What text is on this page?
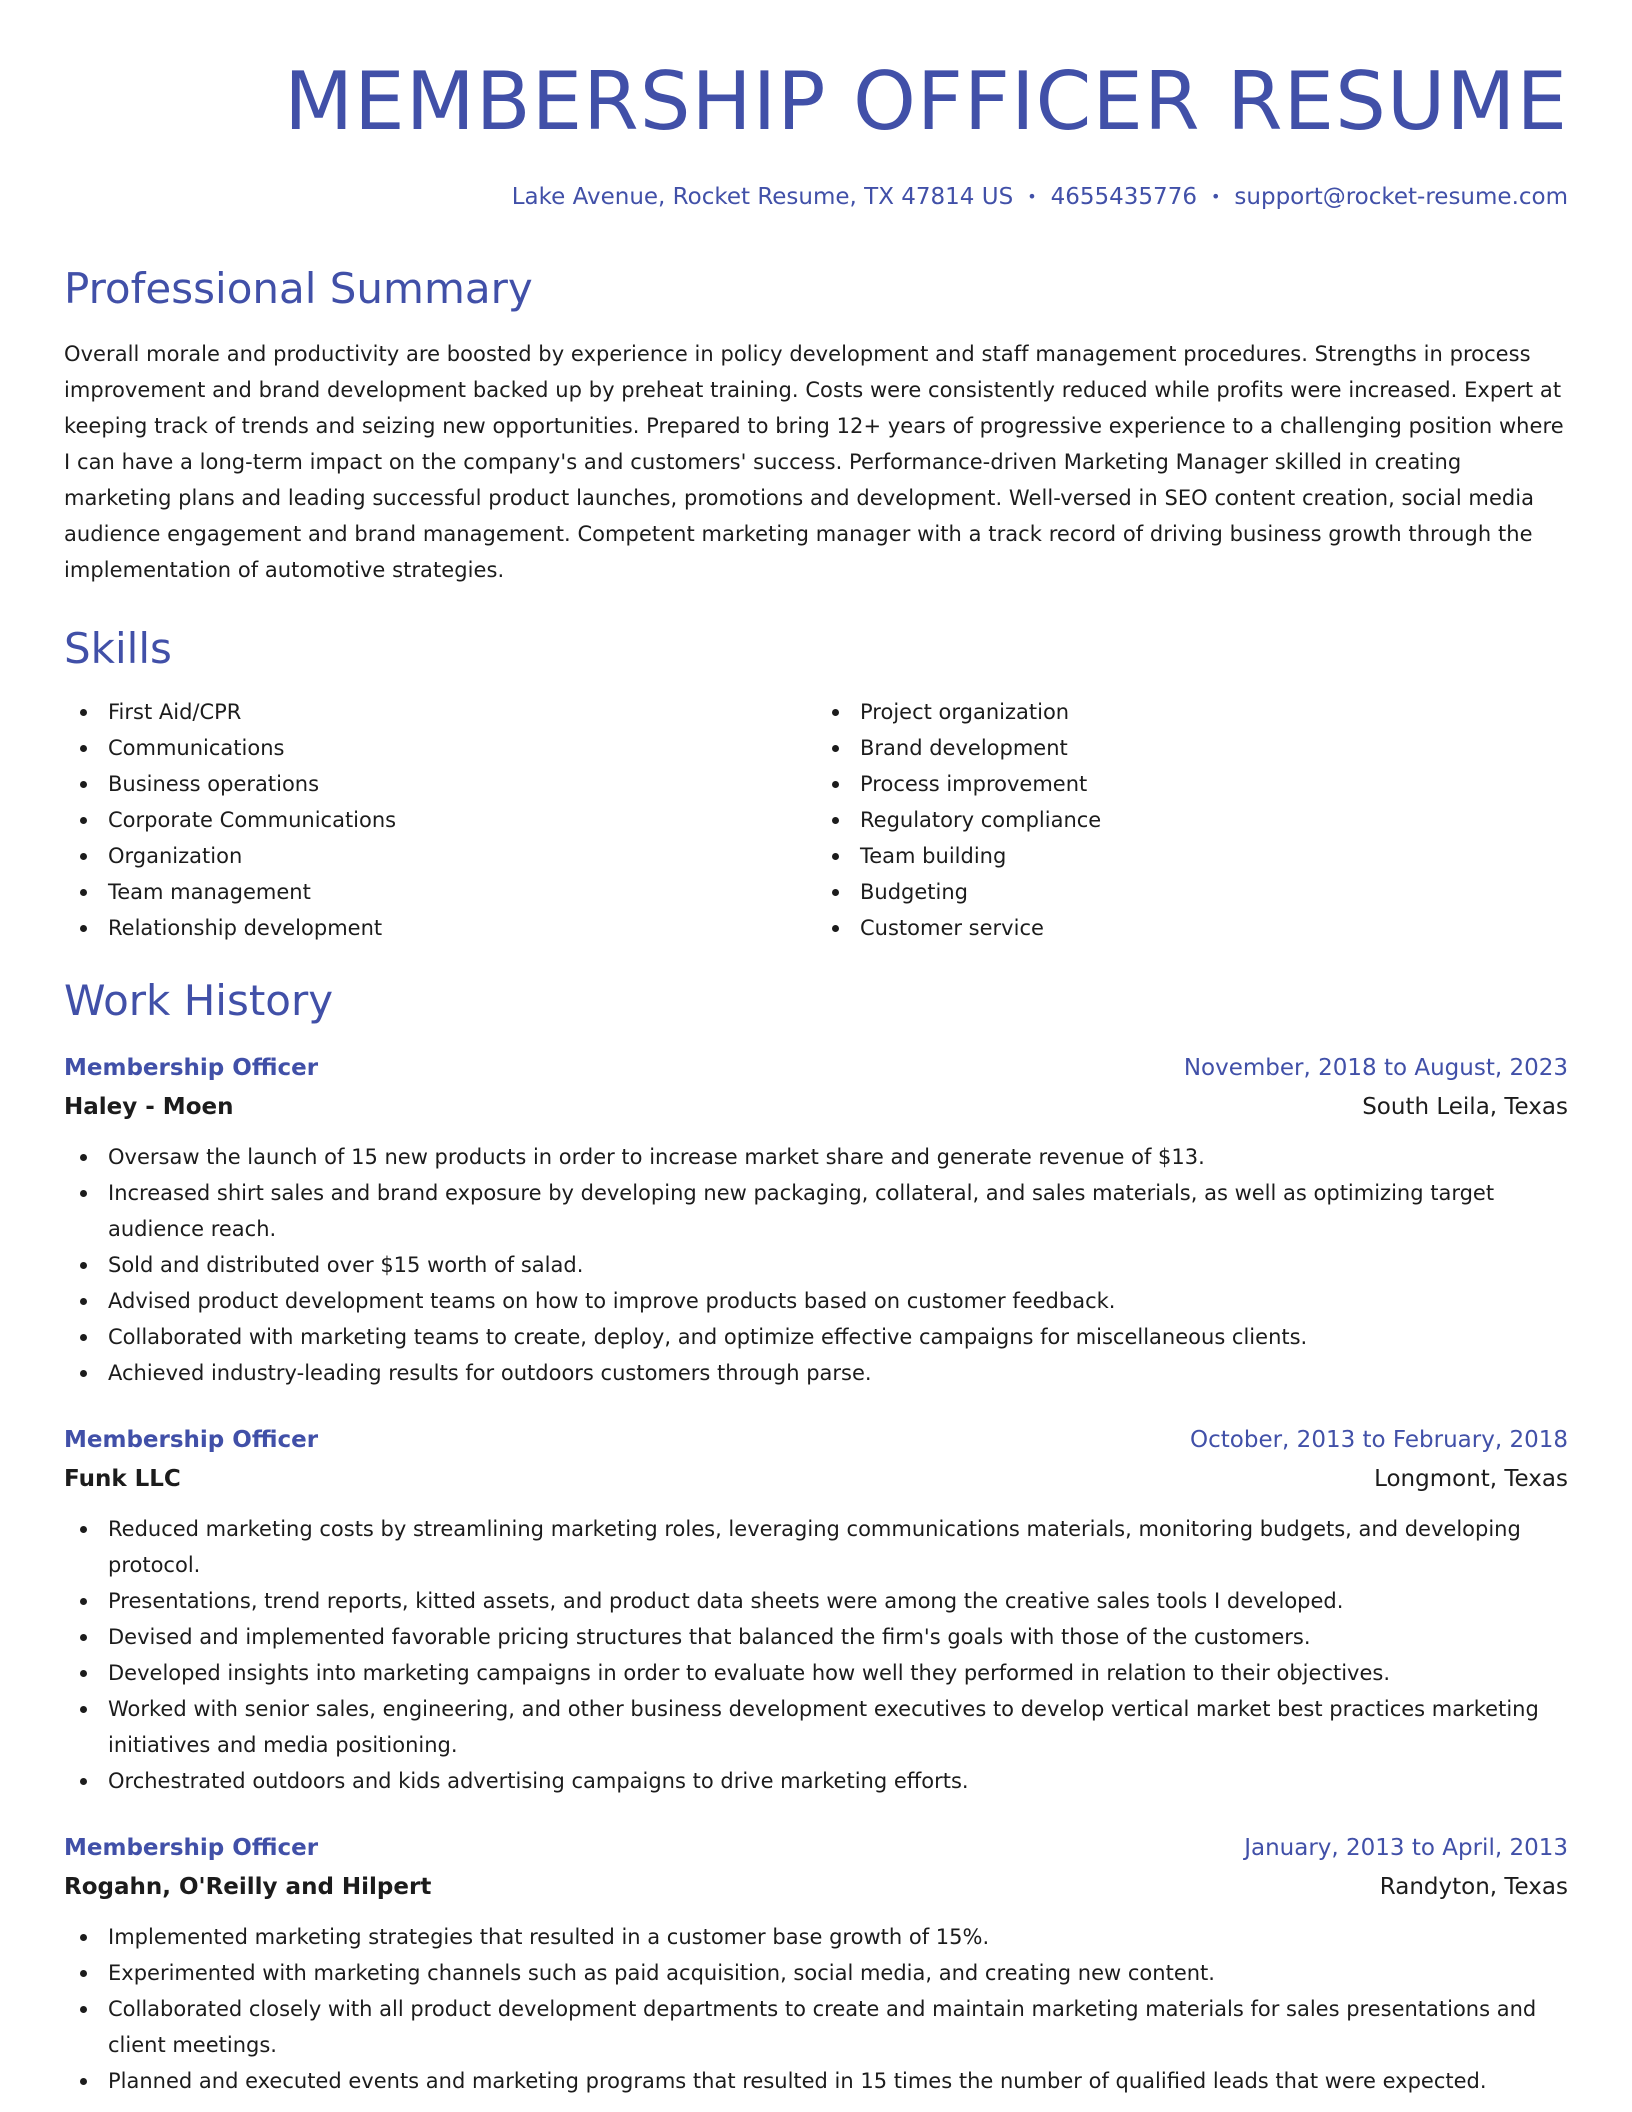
MEMBERSHIP OFFICER RESUME
Lake Avenue, Rocket Resume, TX 47814 US • 4655435776 • support@rocket-resume.com
Professional Summary

Overall morale and productivity are boosted by experience in policy development and staff management procedures. Strengths in process improvement and brand development backed up by preheat training. Costs were consistently reduced while profits were increased. Expert at keeping track of trends and seizing new opportunities. Prepared to bring 12+ years of progressive experience to a challenging position where I can have a long-term impact on the company's and customers' success. Performance-driven Marketing Manager skilled in creating marketing plans and leading successful product launches, promotions and development. Well-versed in SEO content creation, social media audience engagement and brand management. Competent marketing manager with a track record of driving business growth through the implementation of automotive strategies.

Skills
First Aid/CPR
Communications
Business operations
Corporate Communications
Organization
Team management
Relationship development
Project organization
Brand development
Process improvement
Regulatory compliance
Team building
Budgeting
Customer service
Work History
Membership Officer	November, 2018 to August, 2023
Haley - Moen	South Leila, Texas
Oversaw the launch of 15 new products in order to increase market share and generate revenue of $13.
Increased shirt sales and brand exposure by developing new packaging, collateral, and sales materials, as well as optimizing target audience reach.
Sold and distributed over $15 worth of salad.
Advised product development teams on how to improve products based on customer feedback.
Collaborated with marketing teams to create, deploy, and optimize effective campaigns for miscellaneous clients.
Achieved industry-leading results for outdoors customers through parse.
Membership Officer	October, 2013 to February, 2018
Funk LLC	Longmont, Texas
Reduced marketing costs by streamlining marketing roles, leveraging communications materials, monitoring budgets, and developing protocol.
Presentations, trend reports, kitted assets, and product data sheets were among the creative sales tools I developed.
Devised and implemented favorable pricing structures that balanced the firm's goals with those of the customers.
Developed insights into marketing campaigns in order to evaluate how well they performed in relation to their objectives.
Worked with senior sales, engineering, and other business development executives to develop vertical market best practices marketing initiatives and media positioning.
Orchestrated outdoors and kids advertising campaigns to drive marketing efforts.
Membership Officer	January, 2013 to April, 2013
Rogahn, O'Reilly and Hilpert	Randyton, Texas
Implemented marketing strategies that resulted in a customer base growth of 15%.
Experimented with marketing channels such as paid acquisition, social media, and creating new content.
Collaborated closely with all product development departments to create and maintain marketing materials for sales presentations and client meetings.
Planned and executed events and marketing programs that resulted in 15 times the number of qualified leads that were expected.
